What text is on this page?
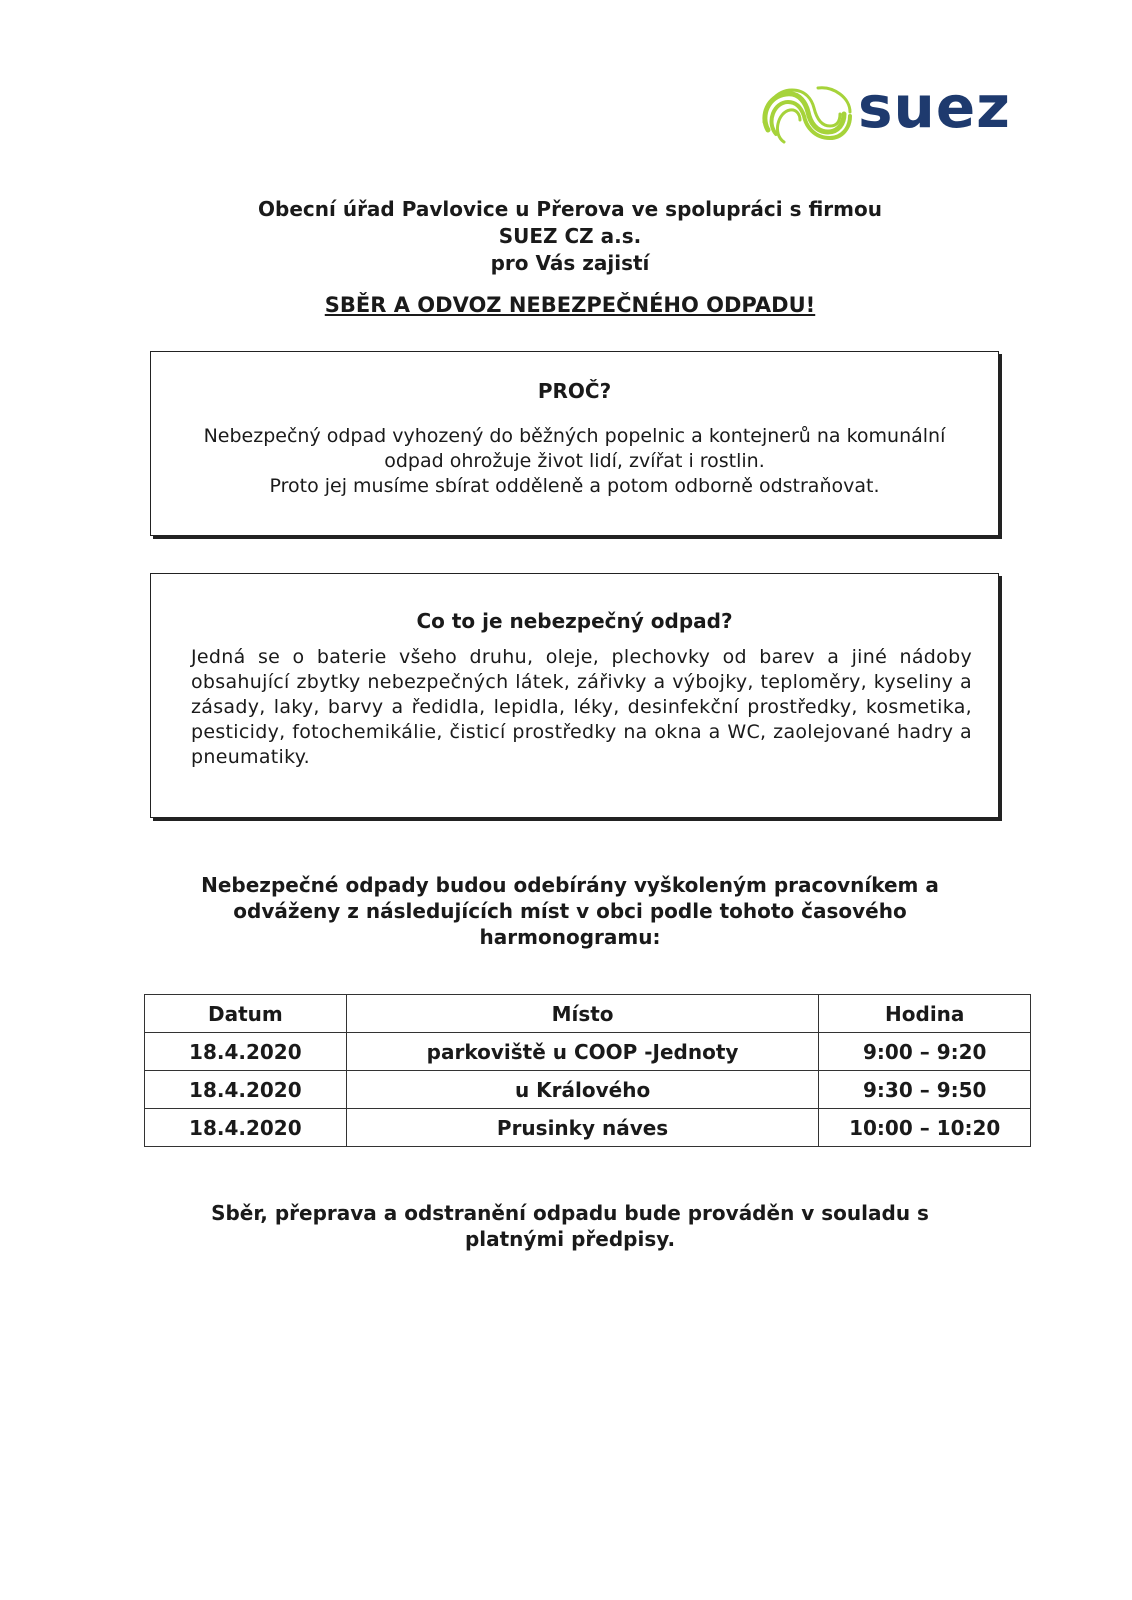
suez
Obecní úřad Pavlovice u Přerova ve spolupráci s firmou
SUEZ CZ a.s.
pro Vás zajistí
SBĚR A ODVOZ NEBEZPEČNÉHO ODPADU!
PROČ?
Nebezpečný odpad vyhozený do běžných popelnic a kontejnerů na komunální
odpad ohrožuje život lidí, zvířat i rostlin.
Proto jej musíme sbírat odděleně a potom odborně odstraňovat.
Co to je nebezpečný odpad?
Jedná se o baterie všeho druhu, oleje, plechovky od barev a jiné nádoby obsahující zbytky nebezpečných látek, zářivky a výbojky, teploměry, kyseliny a zásady, laky, barvy a ředidla, lepidla, léky, desinfekční prostředky, kosmetika, pesticidy, fotochemikálie, čisticí prostředky na okna a WC, zaolejované hadry a pneumatiky.
Nebezpečné odpady budou odebírány vyškoleným pracovníkem a
odváženy z následujících míst v obci podle tohoto časového
harmonogramu:
Datum	Místo	Hodina
18.4.2020	parkoviště u COOP -Jednoty	9:00 – 9:20
18.4.2020	u Králového	9:30 – 9:50
18.4.2020	Prusinky náves	10:00 – 10:20
Sběr, přeprava a odstranění odpadu bude prováděn v souladu s
platnými předpisy.
